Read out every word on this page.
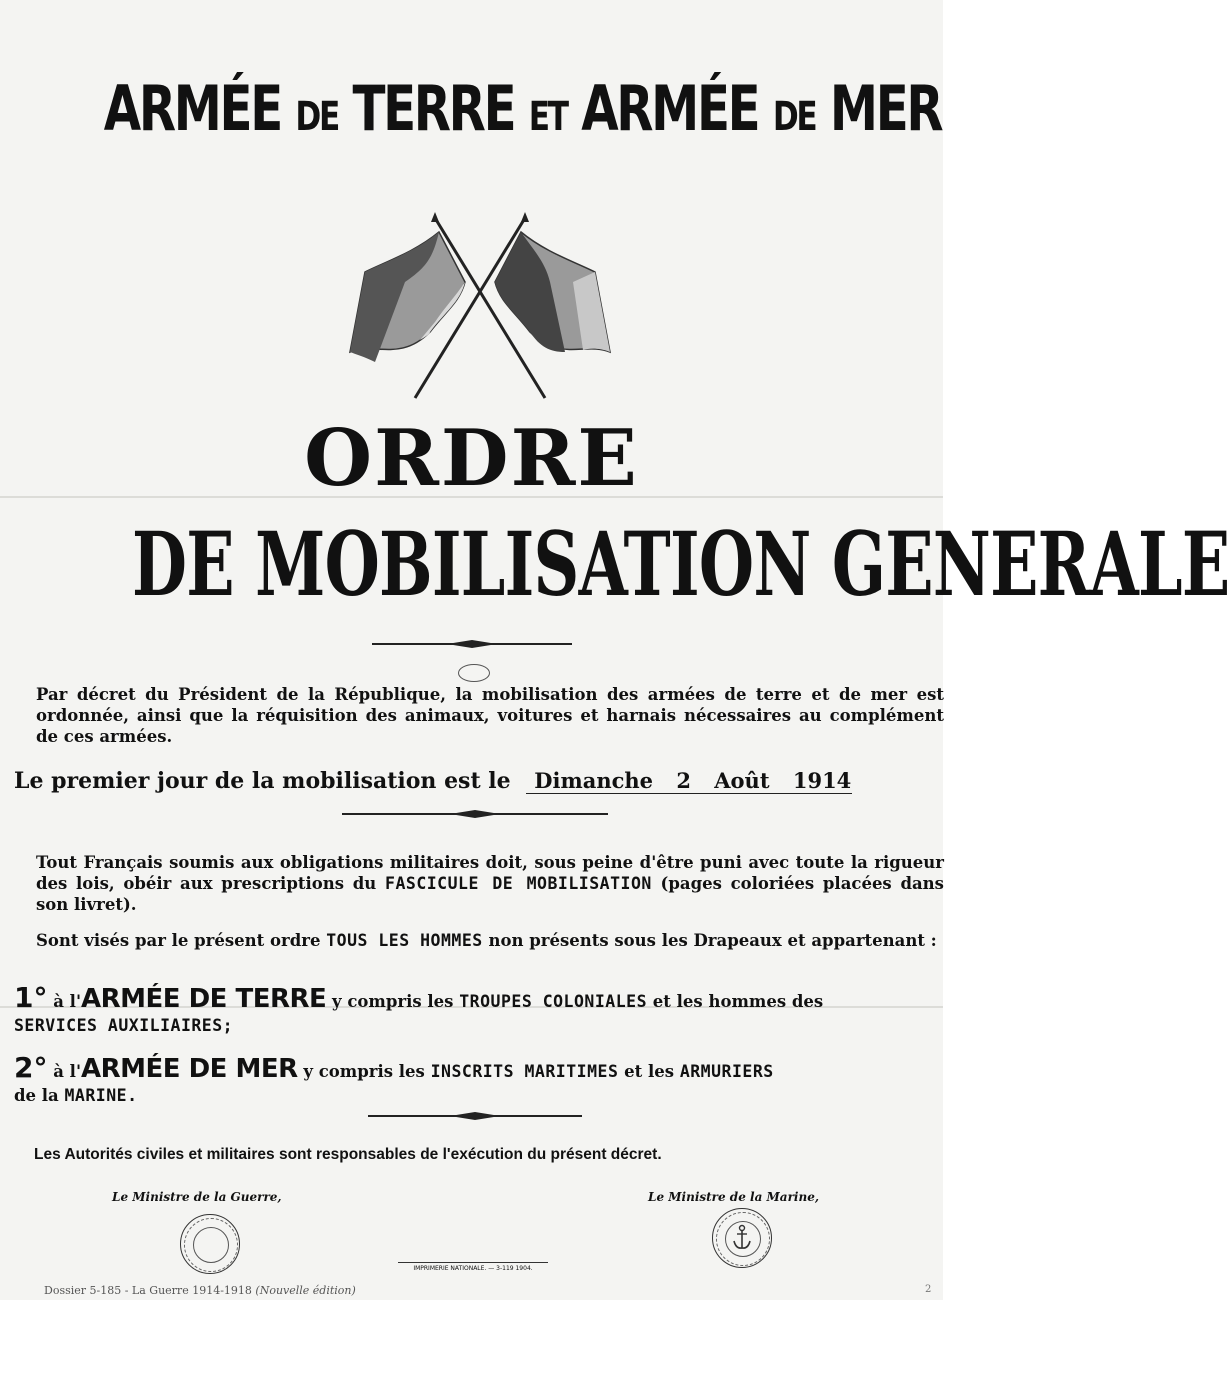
ARMÉE DE TERRE ET ARMÉE DE MER
ORDRE
DE MOBILISATION GENERALE
Par décret du Président de la République, la mobilisation des armées de terre et de mer est ordonnée, ainsi que la réquisition des animaux, voitures et harnais nécessaires au complément de ces armées.
Le premier jour de la mobilisation est le Dimanche 2 Août 1914
Tout Français soumis aux obligations militaires doit, sous peine d'être puni avec toute la rigueur des lois, obéir aux prescriptions du FASCICULE DE MOBILISATION (pages coloriées placées dans son livret).
Sont visés par le présent ordre TOUS LES HOMMES non présents sous les Drapeaux et appartenant :
1° à l'ARMÉE DE TERRE y compris les TROUPES COLONIALES et les hommes des
SERVICES AUXILIAIRES;
2° à l'ARMÉE DE MER y compris les INSCRITS MARITIMES et les ARMURIERS
de la MARINE.
Les Autorités civiles et militaires sont responsables de l'exécution du présent décret.
Le Ministre de la Guerre,	Le Ministre de la Marine,
IMPRIMERIE NATIONALE. — 3-119 1904.
Dossier 5-185 - La Guerre 1914-1918 (Nouvelle édition)	2
